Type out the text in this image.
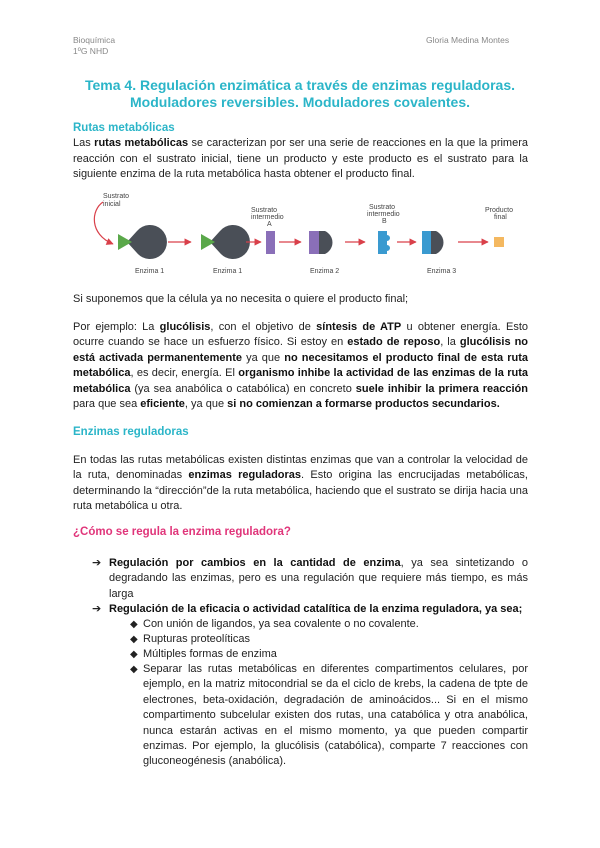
Bioquímica
1ºG NHD
Gloria Medina Montes
Tema 4. Regulación enzimática a través de enzimas reguladoras.
Moduladores reversibles. Moduladores covalentes.
Rutas metabólicas

Las rutas metabólicas se caracterizan por ser una serie de reacciones en la que la primera reacción con el sustrato inicial, tiene un producto y este producto es el sustrato para la siguiente enzima de la ruta metabólica hasta obtener el producto final.

Sustrato
inicial
Enzima 1	Enzima 1
Sustrato
intermedio
A
Enzima 2
Sustrato
intermedio
B
Enzima 3
Producto
final

Si suponemos que la célula ya no necesita o quiere el producto final;

Por ejemplo: La glucólisis, con el objetivo de síntesis de ATP u obtener energía. Esto ocurre cuando se hace un esfuerzo físico. Si estoy en estado de reposo, la glucólisis no está activada permanentemente ya que no necesitamos el producto final de esta ruta metabólica, es decir, energía. El organismo inhibe la actividad de las enzimas de la ruta metabólica (ya sea anabólica o catabólica) en concreto suele inhibir la primera reacción para que sea eficiente, ya que si no comienzan a formarse productos secundarios.

Enzimas reguladoras

En todas las rutas metabólicas existen distintas enzimas que van a controlar la velocidad de la ruta, denominadas enzimas reguladoras. Esto origina las encrucijadas metabólicas, determinando la “dirección”de la ruta metabólica, haciendo que el sustrato se dirija hacia una ruta metabólica u otra.

¿Cómo se regula la enzima reguladora?
➔ Regulación por cambios en la cantidad de enzima, ya sea sintetizando o degradando las enzimas, pero es una regulación que requiere más tiempo, es más larga
➔ Regulación de la eficacia o actividad catalítica de la enzima reguladora, ya sea;
◆ Con unión de ligandos, ya sea covalente o no covalente.
◆ Rupturas proteolíticas
◆ Múltiples formas de enzima
◆ Separar las rutas metabólicas en diferentes compartimentos celulares, por ejemplo, en la matriz mitocondrial se da el ciclo de krebs, la cadena de tpte de electrones, beta-oxidación, degradación de aminoácidos... Si en el mismo compartimento subcelular existen dos rutas, una catabólica y otra anabólica, nunca estarán activas en el mismo momento, ya que pueden compartir enzimas. Por ejemplo, la glucólisis (catabólica), comparte 7 reacciones con gluconeogénesis (anabólica).
